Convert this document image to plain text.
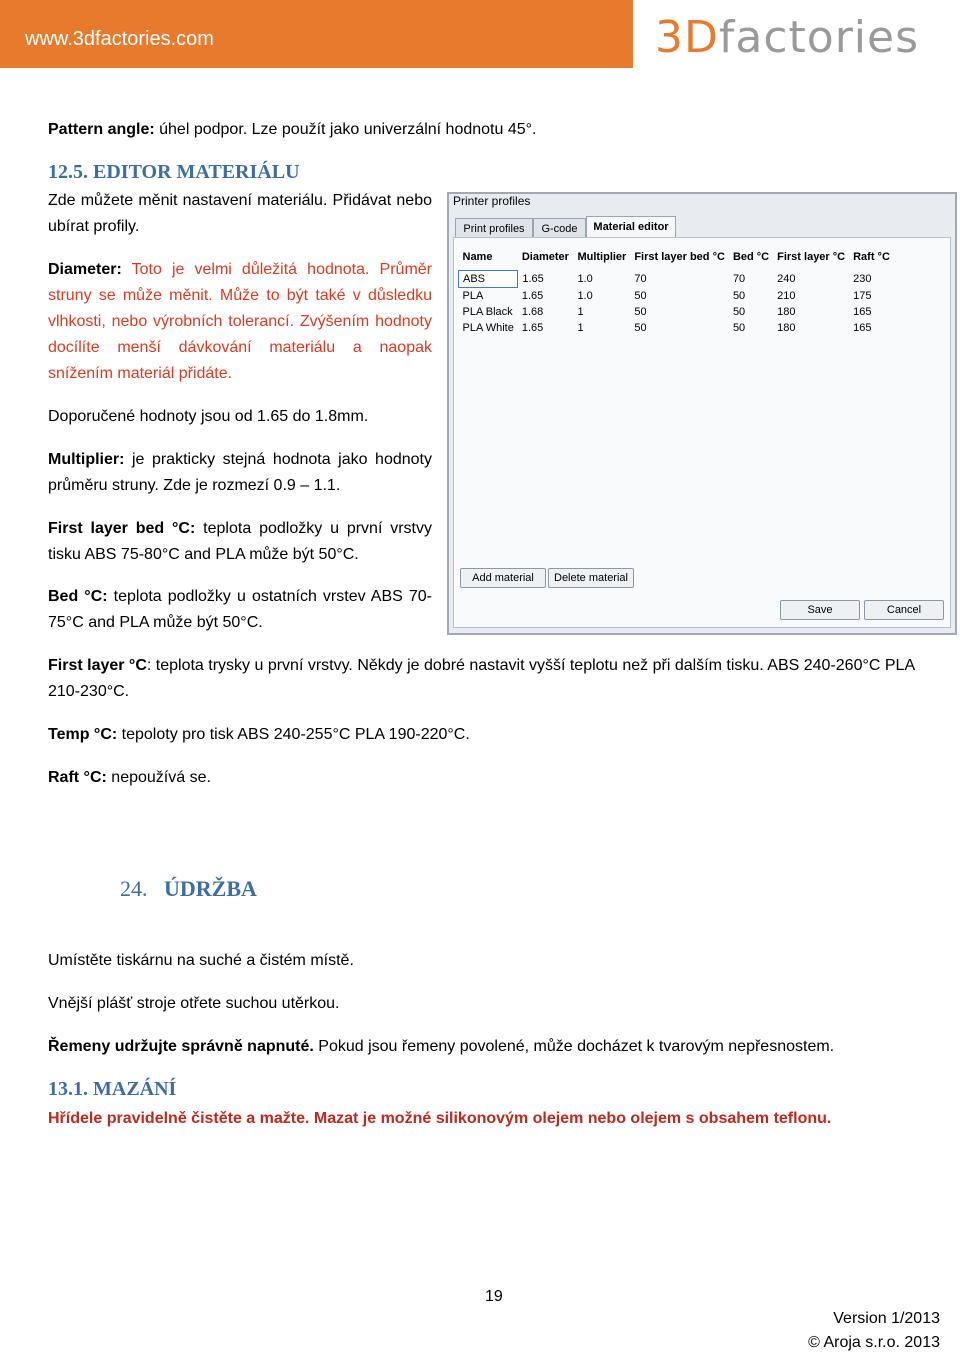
www.3dfactories.com	3Dfactories
Pattern angle: úhel podpor. Lze použít jako univerzální hodnotu 45°.
12.5. EDITOR MATERIÁLU
Zde můžete měnit nastavení materiálu. Přidávat nebo ubírat profily.
Diameter: Toto je velmi důležitá hodnota. Průměr struny se může měnit. Může to být také v důsledku vlhkosti, nebo výrobních tolerancí. Zvýšením hodnoty docílíte menší dávkování materiálu a naopak snížením materiál přidáte.
Doporučené hodnoty jsou od 1.65 do 1.8mm.
Multiplier: je prakticky stejná hodnota jako hodnoty průměru struny. Zde je rozmezí 0.9 – 1.1.
First layer bed °C: teplota podložky u první vrstvy tisku ABS 75-80°C and PLA může být 50°C.
Bed °C: teplota podložky u ostatních vrstev ABS 70-75°C and PLA může být 50°C.
First layer °C: teplota trysky u první vrstvy. Někdy je dobré nastavit vyšší teplotu než při dalším tisku. ABS 240-260°C PLA 210-230°C.
Temp °C: tepoloty pro tisk ABS 240-255°C PLA 190-220°C.
Raft °C: nepoužívá se.
Printer profiles
Print profiles	G-code	Material editor
Name	Diameter	Multiplier	First layer bed °C	Bed °C	First layer °C	Raft °C
ABS	1.65	1.0	70	70	240	230
PLA	1.65	1.0	50	50	210	175
PLA Black	1.68	1	50	50	180	165
PLA White	1.65	1	50	50	180	165
Add material	Delete material
Save	Cancel
24. ÚDRŽBA
Umístěte tiskárnu na suché a čistém místě.
Vnější plášť stroje otřete suchou utěrkou.
Řemeny udržujte správně napnuté. Pokud jsou řemeny povolené, může docházet k tvarovým nepřesnostem.
13.1. MAZÁNÍ
Hřídele pravidelně čistěte a mažte. Mazat je možné silikonovým olejem nebo olejem s obsahem teflonu.
19
Version 1/2013
© Aroja s.r.o. 2013
